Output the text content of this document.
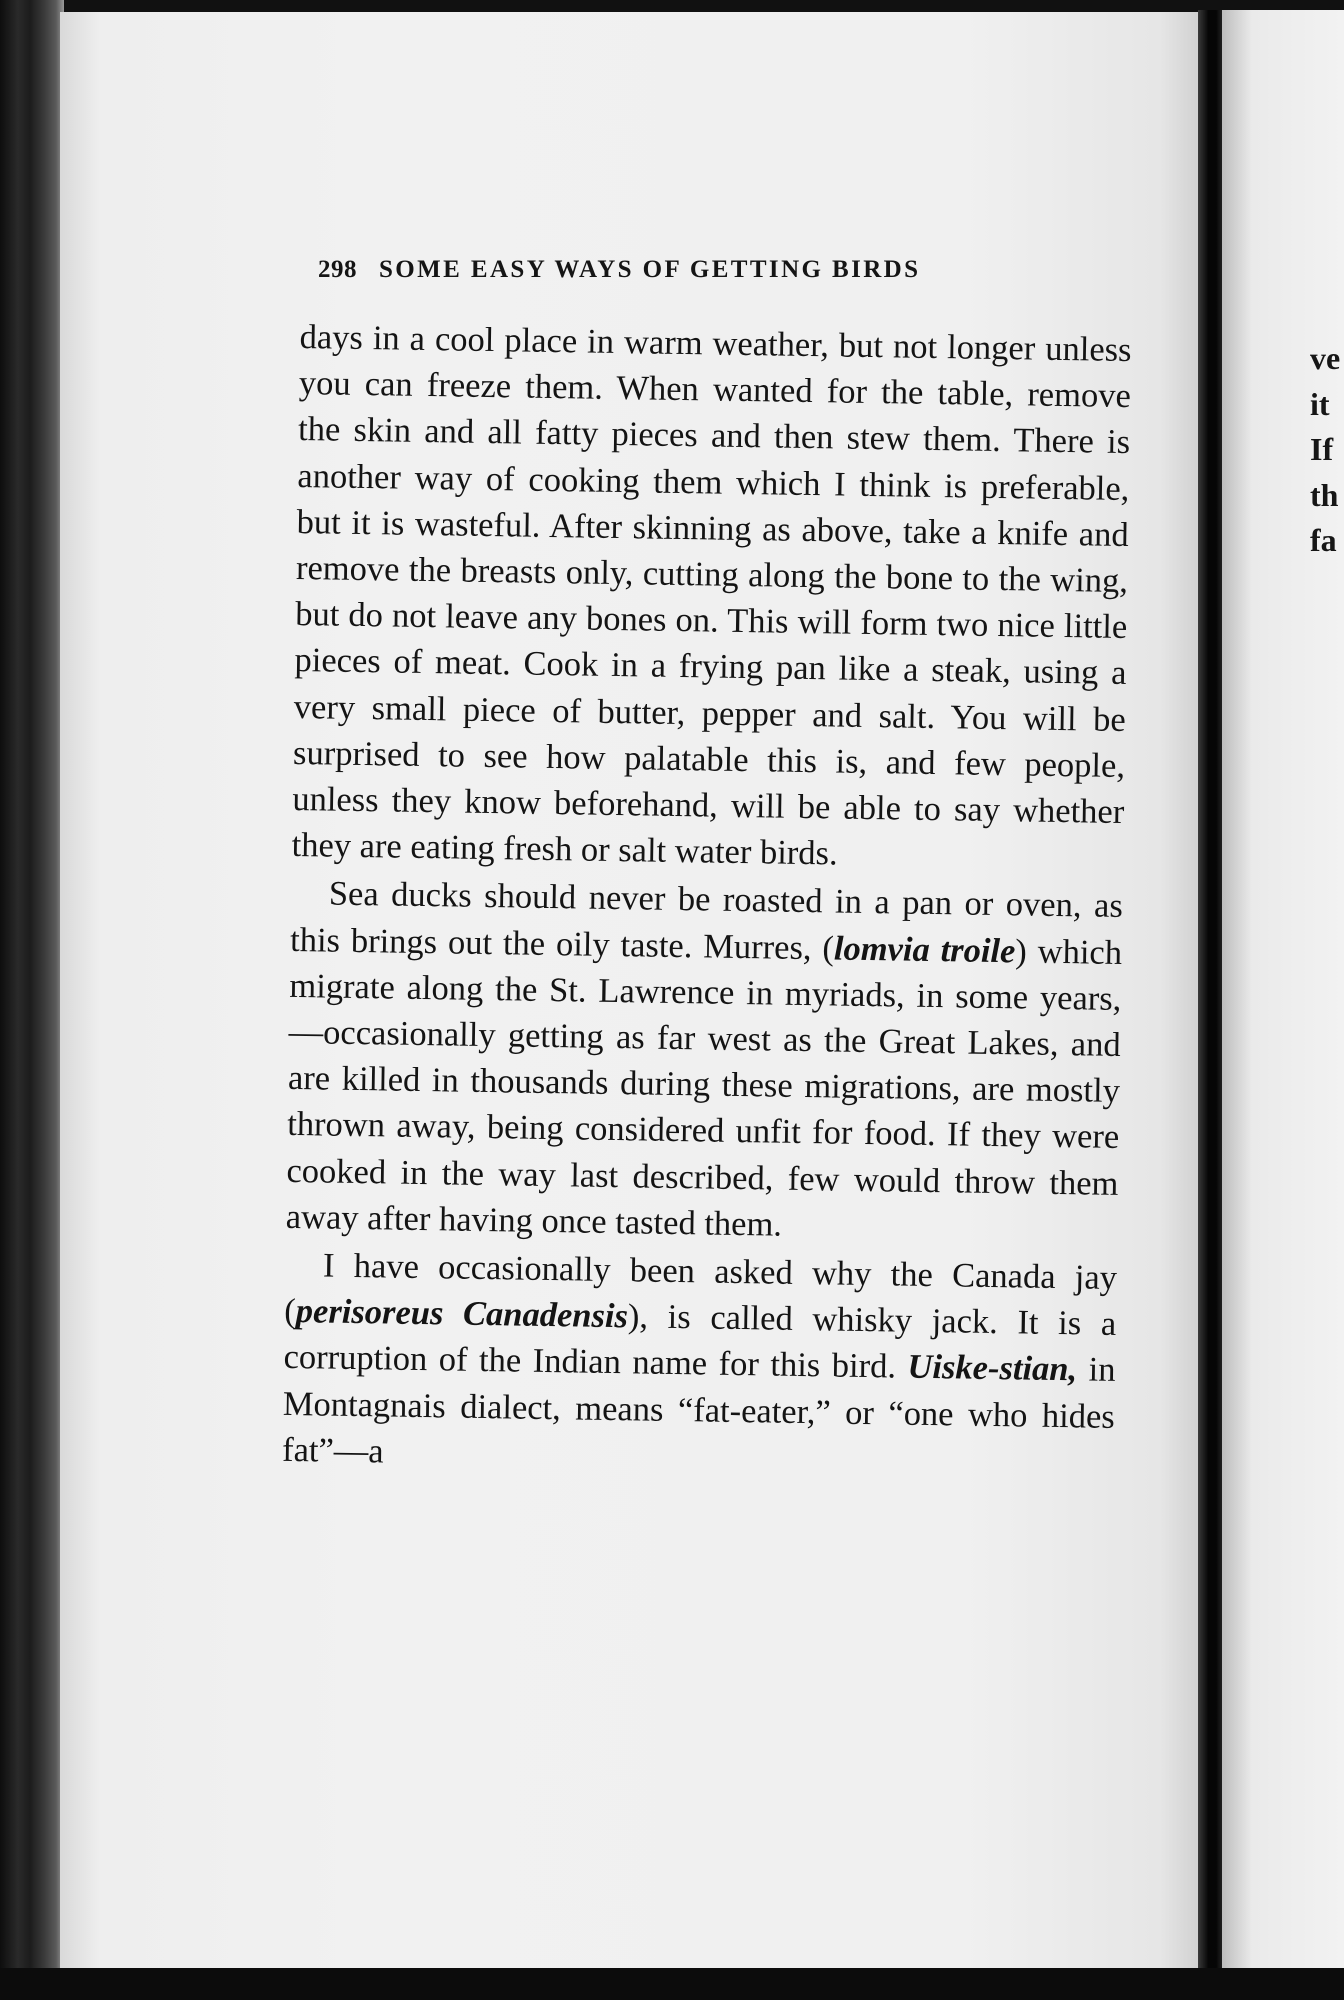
298 SOME EASY WAYS OF GETTING BIRDS

days in a cool place in warm weather, but not longer unless you can freeze them. When wanted for the table, remove the skin and all fatty pieces and then stew them. There is another way of cooking them which I think is preferable, but it is wasteful. After skinning as above, take a knife and remove the breasts only, cutting along the bone to the wing, but do not leave any bones on. This will form two nice little pieces of meat. Cook in a frying pan like a steak, using a very small piece of butter, pepper and salt. You will be surprised to see how palatable this is, and few people, unless they know beforehand, will be able to say whether they are eating fresh or salt water birds.

Sea ducks should never be roasted in a pan or oven, as this brings out the oily taste. Murres, (lomvia troile) which migrate along the St. Lawrence in myriads, in some years,—occasionally getting as far west as the Great Lakes, and are killed in thousands during these migrations, are mostly thrown away, being considered unfit for food. If they were cooked in the way last described, few would throw them away after having once tasted them.

I have occasionally been asked why the Canada jay (perisoreus Canadensis), is called whisky jack. It is a corruption of the Indian name for this bird. Uiske-stian, in Montagnais dialect, means “fat-eater,” or “one who hides fat”—a

ve
it
If
th
fa
